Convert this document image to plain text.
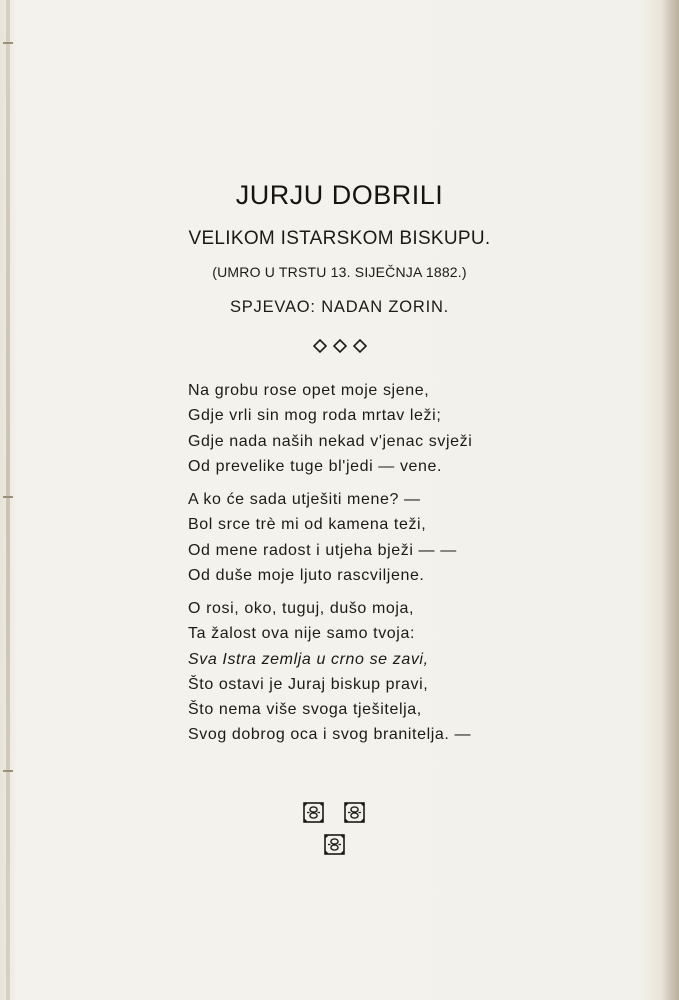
JURJU DOBRILI
VELIKOM ISTARSKOM BISKUPU.
(UMRO U TRSTU 13. SIJEČNJA 1882.)
SPJEVAO: NADAN ZORIN.
Na grobu rose opet moje sjene,
Gdje vrli sin mog roda mrtav leži;
Gdje nada naših nekad v'jenac svježi
Od prevelike tuge bl'jedi — vene.
A ko će sada utješiti mene? —
Bol srce trè mi od kamena teži,
Od mene radost i utjeha bježi — —
Od duše moje ljuto rascviljene.
O rosi, oko, tuguj, dušo moja,
Ta žalost ova nije samo tvoja:
Sva Istra zemlja u crno se zavi,
Što ostavi je Juraj biskup pravi,
Što nema više svoga tješitelja,
Svog dobrog oca i svog branitelja. —
